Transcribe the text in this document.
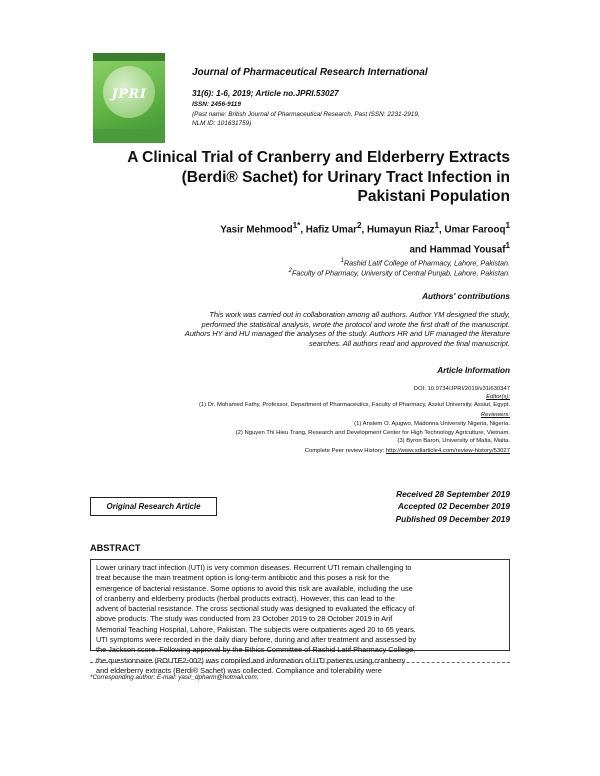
JPRI
Journal of Pharmaceutical Research International
31(6): 1-6, 2019; Article no.JPRI.53027
ISSN: 2456-9119
(Past name: British Journal of Pharmaceutical Research, Past ISSN: 2231-2919,
NLM ID: 101631759)
A Clinical Trial of Cranberry and Elderberry Extracts
(Berdi® Sachet) for Urinary Tract Infection in
Pakistani Population
Yasir Mehmood$^{1*}$, Hafiz Umar$^2$, Humayun Riaz$^1$, Umar Farooq$^1$
and Hammad Yousaf$^1$
$^1$Rashid Latif College of Pharmacy, Lahore, Pakistan.
$^2$Faculty of Pharmacy, University of Central Punjab, Lahore, Pakistan.
Authors' contributions
This work was carried out in collaboration among all authors. Author YM designed the study,
performed the statistical analysis, wrote the protocol and wrote the first draft of the manuscript.
Authors HY and HU managed the analyses of the study. Authors HR and UF managed the literature
searches. All authors read and approved the final manuscript.
Article Information
DOI: 10.9734/JPRI/2019/v31i630347
Editor(s):
(1) Dr. Mohamed Fathy, Professor, Department of Pharmaceutics, Faculty of Pharmacy, Assiut University, Assiut, Egypt.
Reviewers:
(1) Anslem O. Ajugwo, Madonna University Nigeria, Nigeria.
(2) Nguyen Thi Hieu Trang, Research and Development Center for High Technology Agriculture, Vietnam.
(3) Byron Baron, University of Malta, Malta.
Complete Peer review History: http://www.sdiarticle4.com/review-history/53027
Received 28 September 2019
Accepted 02 December 2019
Published 09 December 2019
Original Research Article
ABSTRACT
Lower urinary tract infection (UTI) is very common diseases. Recurrent UTI remain challenging to
treat because the main treatment option is long-term antibiotic and this poses a risk for the
emergence of bacterial resistance. Some options to avoid this risk are available, including the use
of cranberry and elderberry products (herbal products extract). However, this can lead to the
advent of bacterial resistance. The cross sectional study was designed to evaluated the efficacy of
above products. The study was conducted from 23 October 2019 to 28 October 2019 in Arif
Memorial Teaching Hospital, Lahore, Pakistan. The subjects were outpatients aged 20 to 65 years.
UTI symptoms were recorded in the daily diary before, during and after treatment and assessed by
the Jackson score. Following approval by the Ethics Committee of Rashid Latif Pharmacy College,
the questionnaire (ROUTE2-002) was compiled and information of UTI patients using cranberry
and elderberry extracts (Berdi® Sachet) was collected. Compliance and tolerability were
*Corresponding author: E-mail: yasir_dpharm@hotmail.com;
